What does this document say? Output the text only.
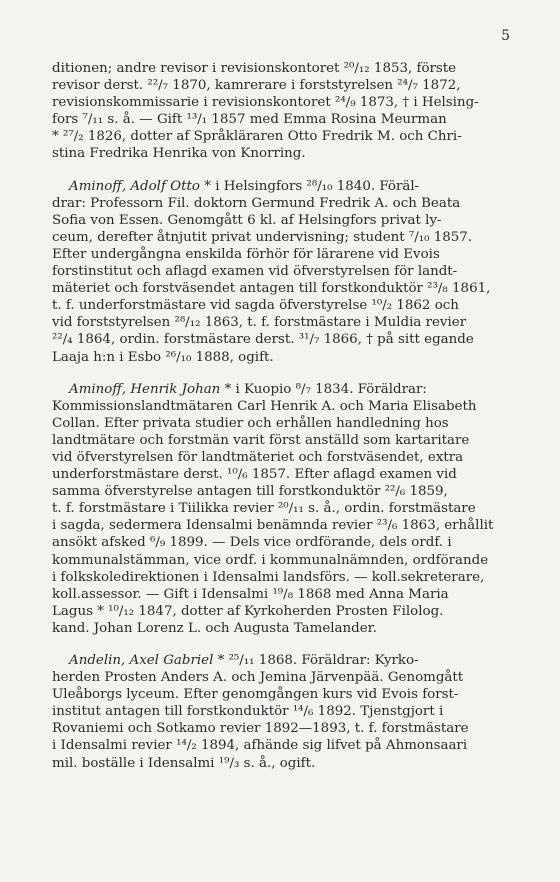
5
ditionen; andre revisor i revisionskontoret ²⁰/₁₂ 1853, förste
revisor derst. ²²/₇ 1870, kamrerare i forststyrelsen ²⁴/₇ 1872,
revisionskommissarie i revisionskontoret ²⁴/₉ 1873, † i Helsing-
fors ⁷/₁₁ s. å. — Gift ¹³/₁ 1857 med Emma Rosina Meurman
* ²⁷/₂ 1826, dotter af Språkläraren Otto Fredrik M. och Chri-
stina Fredrika Henrika von Knorring.
Aminoff, Adolf Otto * i Helsingfors ²⁸/₁₀ 1840. Föräl-
drar: Professorn Fil. doktorn Germund Fredrik A. och Beata
Sofia von Essen. Genomgått 6 kl. af Helsingfors privat ly-
ceum, derefter åtnjutit privat undervisning; student ⁷/₁₀ 1857.
Efter undergångna enskilda förhör för lärarene vid Evois
forstinstitut och aflagd examen vid öfverstyrelsen för landt-
mäteriet och forstväsendet antagen till forstkonduktör ²³/₈ 1861,
t. f. underforstmästare vid sagda öfverstyrelse ¹⁰/₂ 1862 och
vid forststyrelsen ²⁸/₁₂ 1863, t. f. forstmästare i Muldia revier
²²/₄ 1864, ordin. forstmästare derst. ³¹/₇ 1866, † på sitt egande
Laaja h:n i Esbo ²⁶/₁₀ 1888, ogift.
Aminoff, Henrik Johan * i Kuopio ⁸/₇ 1834. Föräldrar:
Kommissionslandtmätaren Carl Henrik A. och Maria Elisabeth
Collan. Efter privata studier och erhållen handledning hos
landtmätare och forstmän varit först anställd som kartaritare
vid öfverstyrelsen för landtmäteriet och forstväsendet, extra
underforstmästare derst. ¹⁰/₆ 1857. Efter aflagd examen vid
samma öfverstyrelse antagen till forstkonduktör ²²/₆ 1859,
t. f. forstmästare i Tiilikka revier ²⁰/₁₁ s. å., ordin. forstmästare
i sagda, sedermera Idensalmi benämnda revier ²³/₆ 1863, erhållit
ansökt afsked ⁶/₉ 1899. — Dels vice ordförande, dels ordf. i
kommunalstämman, vice ordf. i kommunalnämnden, ordförande
i folkskoledirektionen i Idensalmi landsförs. — koll.sekreterare,
koll.assessor. — Gift i Idensalmi ¹⁹/₈ 1868 med Anna Maria
Lagus * ¹⁰/₁₂ 1847, dotter af Kyrkoherden Prosten Filolog.
kand. Johan Lorenz L. och Augusta Tamelander.
Andelin, Axel Gabriel * ²⁵/₁₁ 1868. Föräldrar: Kyrko-
herden Prosten Anders A. och Jemina Järvenpää. Genomgått
Uleåborgs lyceum. Efter genomgången kurs vid Evois forst-
institut antagen till forstkonduktör ¹⁴/₆ 1892. Tjenstgjort i
Rovaniemi och Sotkamo revier 1892—1893, t. f. forstmästare
i Idensalmi revier ¹⁴/₂ 1894, afhände sig lifvet på Ahmonsaari
mil. boställe i Idensalmi ¹⁹/₃ s. å., ogift.
